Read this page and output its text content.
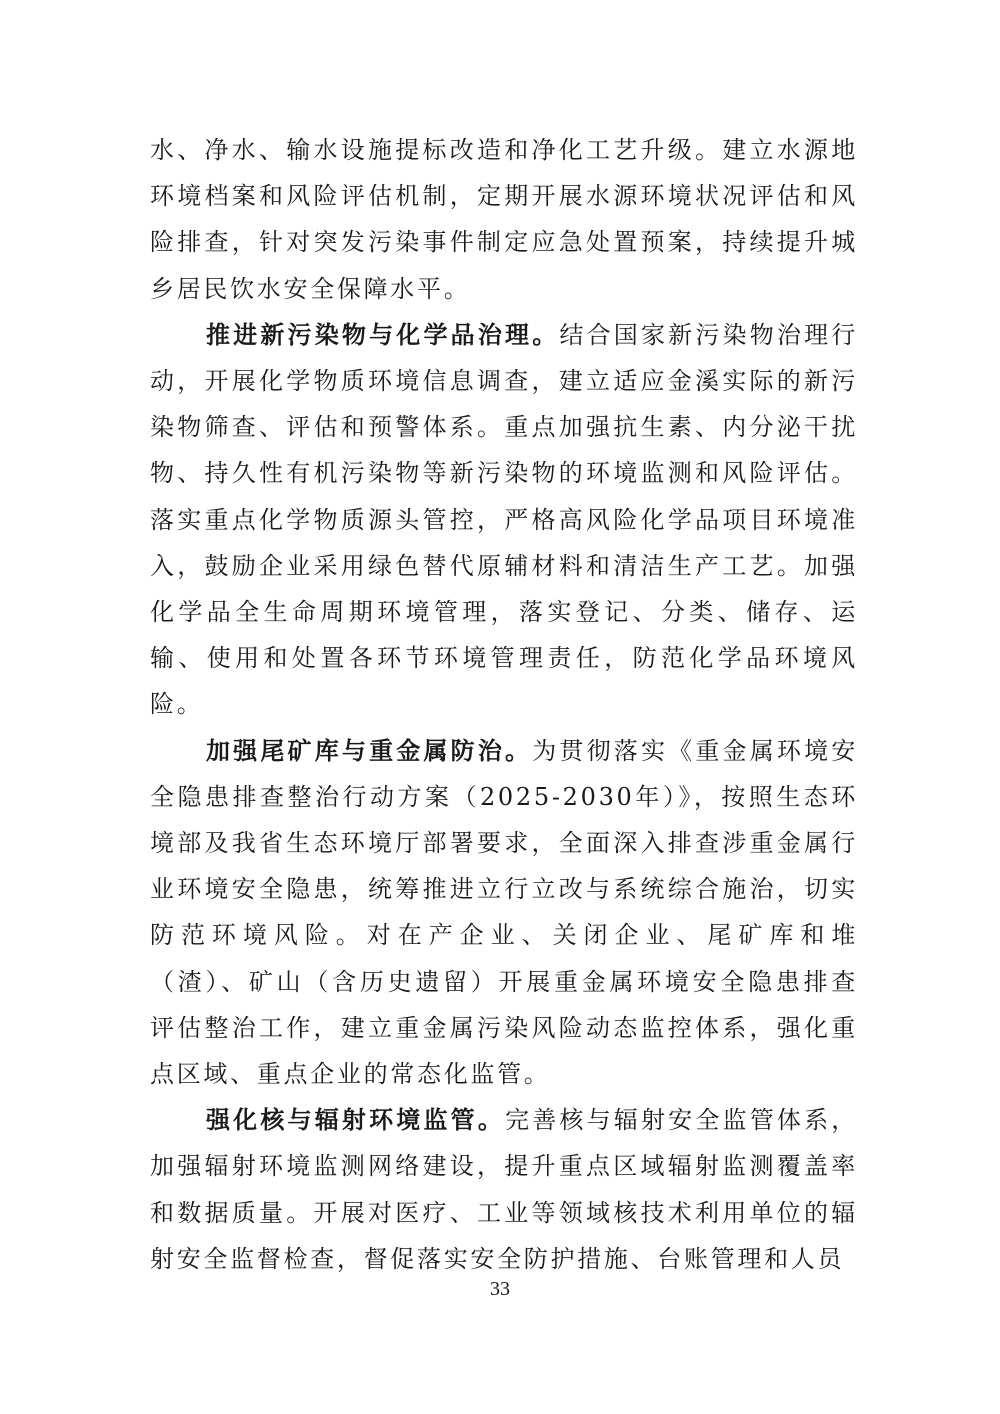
水、净水、输水设施提标改造和净化工艺升级。建立水源地环境档案和风险评估机制，定期开展水源环境状况评估和风险排查，针对突发污染事件制定应急处置预案，持续提升城乡居民饮水安全保障水平。

推进新污染物与化学品治理。结合国家新污染物治理行动，开展化学物质环境信息调查，建立适应金溪实际的新污染物筛查、评估和预警体系。重点加强抗生素、内分泌干扰物、持久性有机污染物等新污染物的环境监测和风险评估。落实重点化学物质源头管控，严格高风险化学品项目环境准入，鼓励企业采用绿色替代原辅材料和清洁生产工艺。加强化学品全生命周期环境管理，落实登记、分类、储存、运输、使用和处置各环节环境管理责任，防范化学品环境风险。

加强尾矿库与重金属防治。为贯彻落实《重金属环境安全隐患排查整治行动方案（2025-2030年）》，按照生态环境部及我省生态环境厅部署要求，全面深入排查涉重金属行业环境安全隐患，统筹推进立行立改与系统综合施治，切实防范环境风险。对在产企业、关闭企业、尾矿库和堆（渣）、矿山（含历史遗留）开展重金属环境安全隐患排查评估整治工作，建立重金属污染风险动态监控体系，强化重点区域、重点企业的常态化监管。

强化核与辐射环境监管。完善核与辐射安全监管体系，加强辐射环境监测网络建设，提升重点区域辐射监测覆盖率和数据质量。开展对医疗、工业等领域核技术利用单位的辐射安全监督检查，督促落实安全防护措施、台账管理和人员

33
